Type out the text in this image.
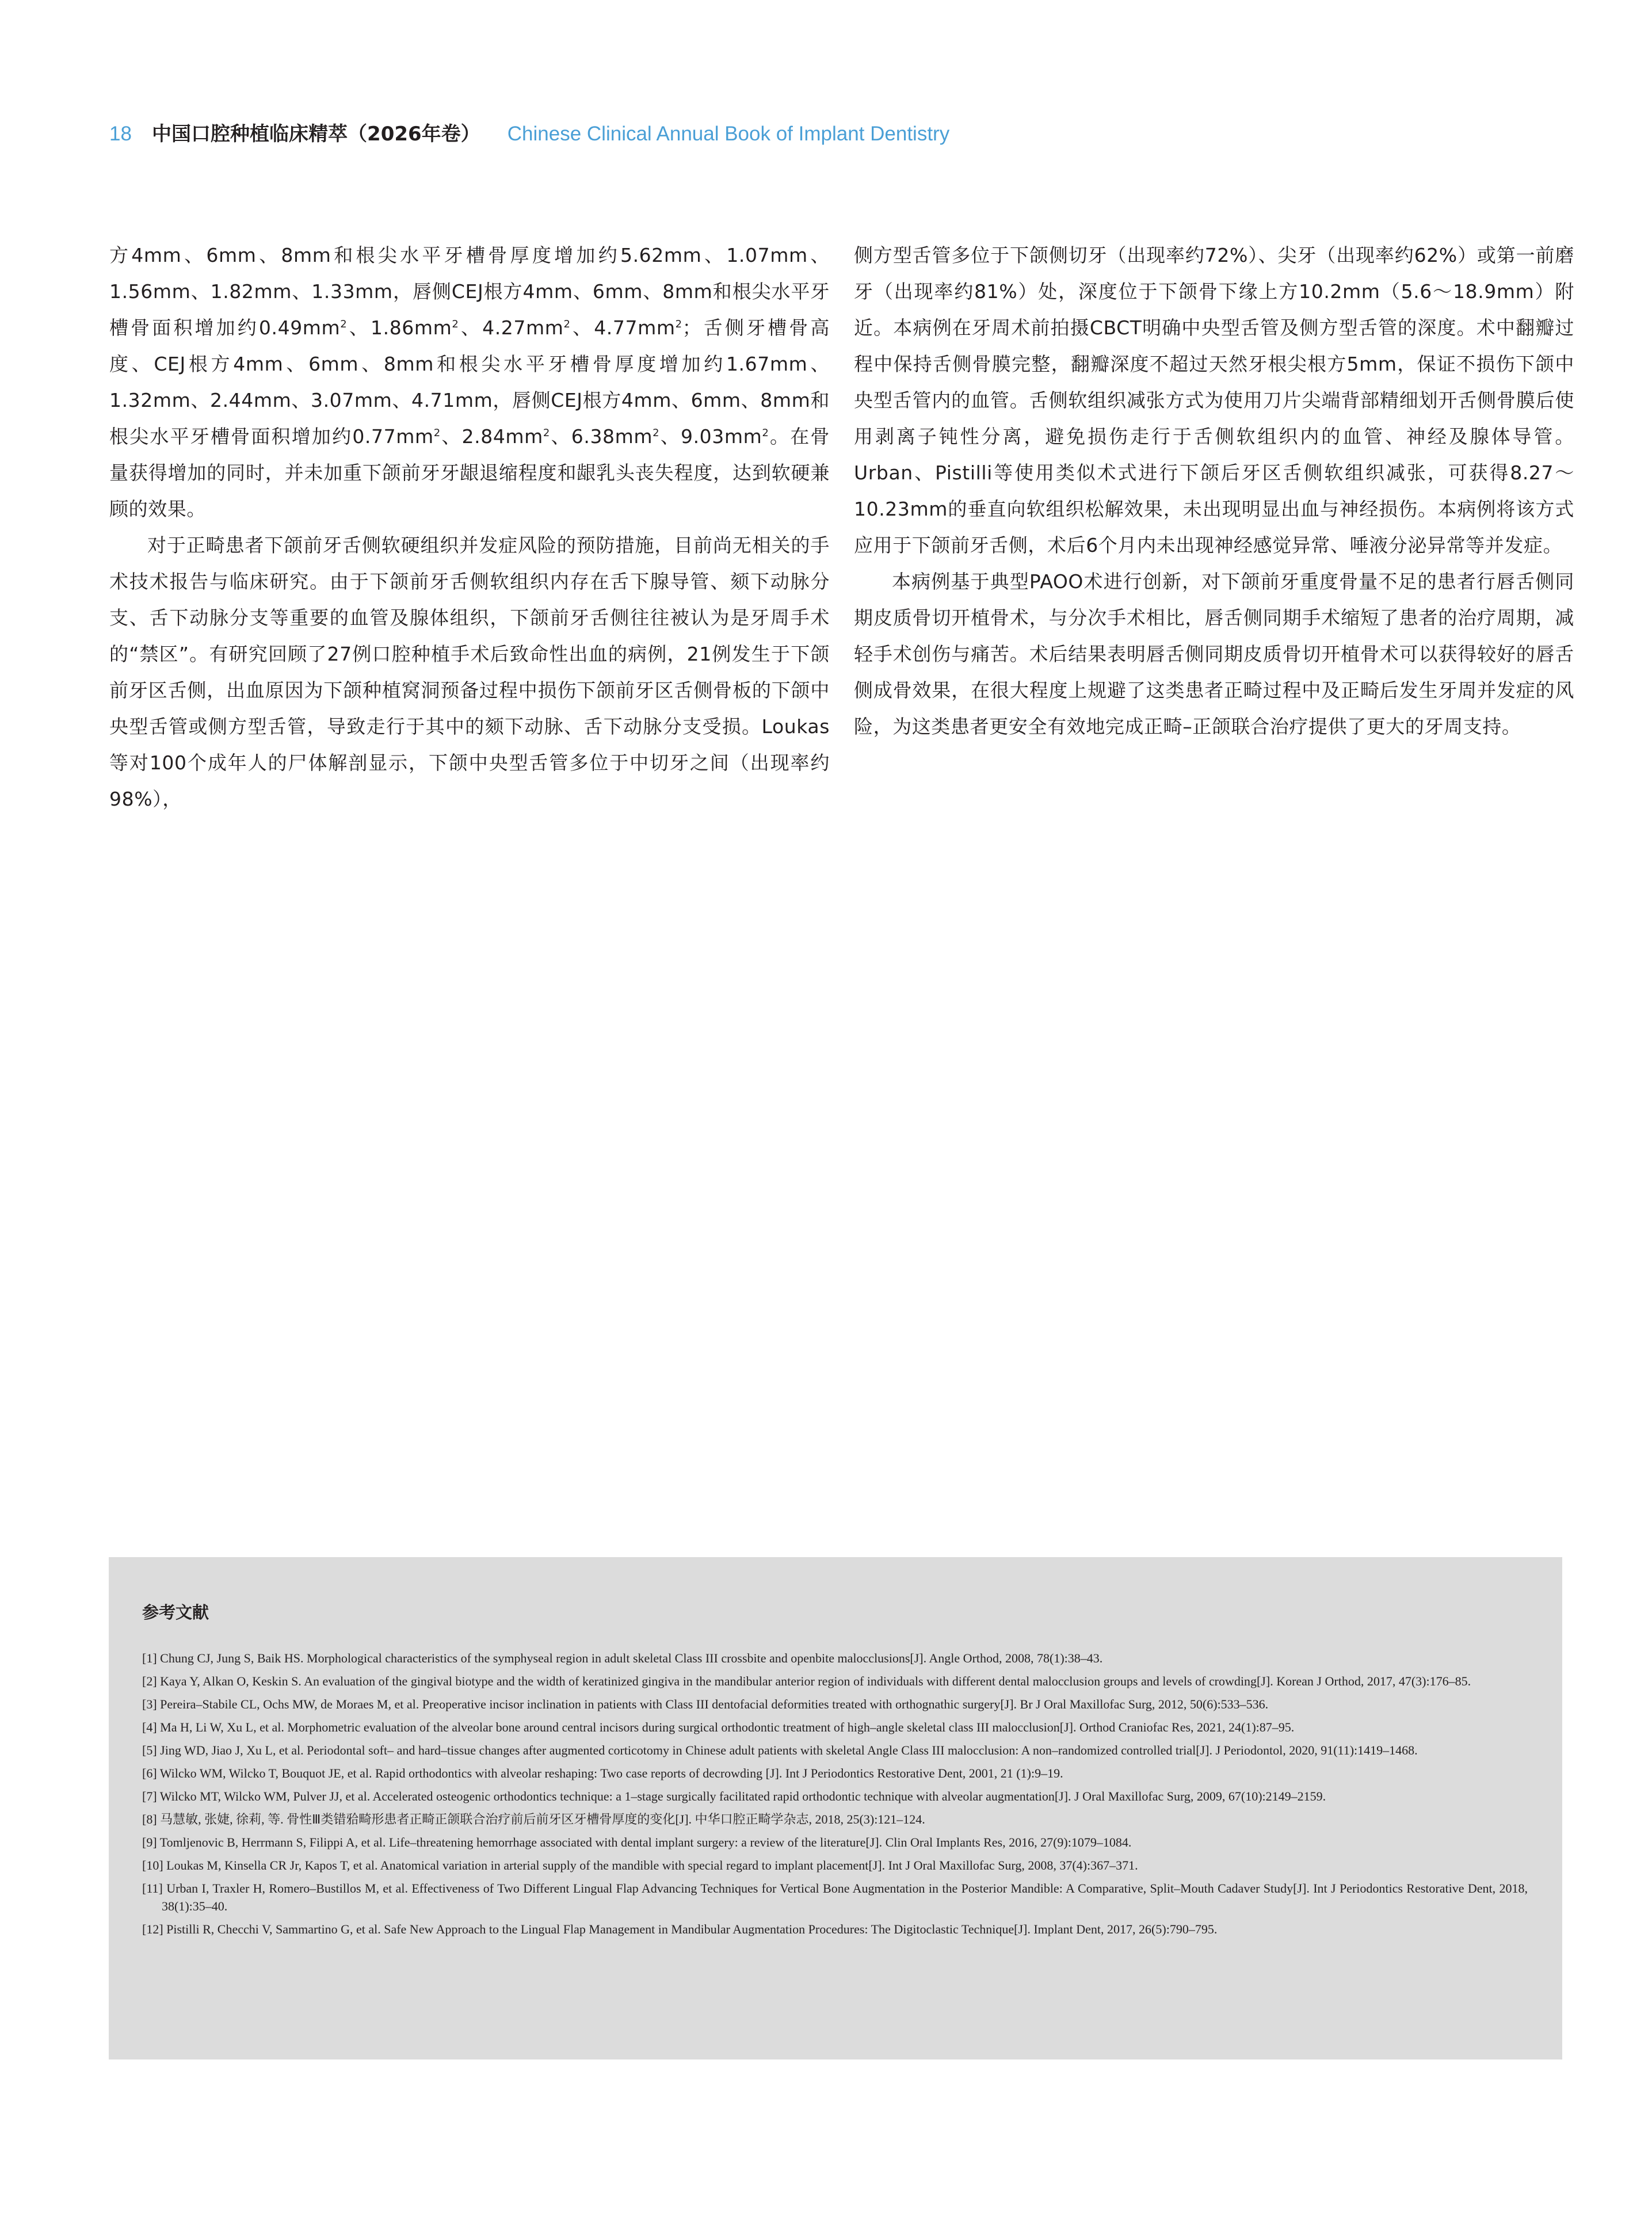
18 中国口腔种植临床精萃（2026年卷） Chinese Clinical Annual Book of Implant Dentistry

方4mm、6mm、8mm和根尖水平牙槽骨厚度增加约5.62mm、1.07mm、1.56mm、1.82mm、1.33mm，唇侧CEJ根方4mm、6mm、8mm和根尖水平牙槽骨面积增加约$0.49mm^2$、$1.86mm^2$、$4.27mm^2$、$4.77mm^2$；舌侧牙槽骨高度、CEJ根方4mm、6mm、8mm和根尖水平牙槽骨厚度增加约1.67mm、1.32mm、2.44mm、3.07mm、4.71mm，唇侧CEJ根方4mm、6mm、8mm和根尖水平牙槽骨面积增加约$0.77mm^2$、$2.84mm^2$、$6.38mm^2$、$9.03mm^2$。在骨量获得增加的同时，并未加重下颌前牙牙龈退缩程度和龈乳头丧失程度，达到软硬兼顾的效果。

对于正畸患者下颌前牙舌侧软硬组织并发症风险的预防措施，目前尚无相关的手术技术报告与临床研究。由于下颌前牙舌侧软组织内存在舌下腺导管、颏下动脉分支、舌下动脉分支等重要的血管及腺体组织，下颌前牙舌侧往往被认为是牙周手术的“禁区”。有研究回顾了27例口腔种植手术后致命性出血的病例，21例发生于下颌前牙区舌侧，出血原因为下颌种植窝洞预备过程中损伤下颌前牙区舌侧骨板的下颌中央型舌管或侧方型舌管，导致走行于其中的颏下动脉、舌下动脉分支受损。Loukas等对100个成年人的尸体解剖显示，下颌中央型舌管多位于中切牙之间（出现率约98%），

侧方型舌管多位于下颌侧切牙（出现率约72%）、尖牙（出现率约62%）或第一前磨牙（出现率约81%）处，深度位于下颌骨下缘上方10.2mm（5.6～18.9mm）附近。本病例在牙周术前拍摄CBCT明确中央型舌管及侧方型舌管的深度。术中翻瓣过程中保持舌侧骨膜完整，翻瓣深度不超过天然牙根尖根方5mm，保证不损伤下颌中央型舌管内的血管。舌侧软组织减张方式为使用刀片尖端背部精细划开舌侧骨膜后使用剥离子钝性分离，避免损伤走行于舌侧软组织内的血管、神经及腺体导管。Urban、Pistilli等使用类似术式进行下颌后牙区舌侧软组织减张，可获得8.27～10.23mm的垂直向软组织松解效果，未出现明显出血与神经损伤。本病例将该方式应用于下颌前牙舌侧，术后6个月内未出现神经感觉异常、唾液分泌异常等并发症。

本病例基于典型PAOO术进行创新，对下颌前牙重度骨量不足的患者行唇舌侧同期皮质骨切开植骨术，与分次手术相比，唇舌侧同期手术缩短了患者的治疗周期，减轻手术创伤与痛苦。术后结果表明唇舌侧同期皮质骨切开植骨术可以获得较好的唇舌侧成骨效果，在很大程度上规避了这类患者正畸过程中及正畸后发生牙周并发症的风险，为这类患者更安全有效地完成正畸–正颌联合治疗提供了更大的牙周支持。

参考文献
[1] Chung CJ, Jung S, Baik HS. Morphological characteristics of the symphyseal region in adult skeletal Class III crossbite and openbite malocclusions[J]. Angle Orthod, 2008, 78(1):38–43.
[2] Kaya Y, Alkan O, Keskin S. An evaluation of the gingival biotype and the width of keratinized gingiva in the mandibular anterior region of individuals with different dental malocclusion groups and levels of crowding[J]. Korean J Orthod, 2017, 47(3):176–85.
[3] Pereira–Stabile CL, Ochs MW, de Moraes M, et al. Preoperative incisor inclination in patients with Class III dentofacial deformities treated with orthognathic surgery[J]. Br J Oral Maxillofac Surg, 2012, 50(6):533–536.
[4] Ma H, Li W, Xu L, et al. Morphometric evaluation of the alveolar bone around central incisors during surgical orthodontic treatment of high–angle skeletal class III malocclusion[J]. Orthod Craniofac Res, 2021, 24(1):87–95.
[5] Jing WD, Jiao J, Xu L, et al. Periodontal soft– and hard–tissue changes after augmented corticotomy in Chinese adult patients with skeletal Angle Class III malocclusion: A non–randomized controlled trial[J]. J Periodontol, 2020, 91(11):1419–1468.
[6] Wilcko WM, Wilcko T, Bouquot JE, et al. Rapid orthodontics with alveolar reshaping: Two case reports of decrowding [J]. Int J Periodontics Restorative Dent, 2001, 21 (1):9–19.
[7] Wilcko MT, Wilcko WM, Pulver JJ, et al. Accelerated osteogenic orthodontics technique: a 1–stage surgically facilitated rapid orthodontic technique with alveolar augmentation[J]. J Oral Maxillofac Surg, 2009, 67(10):2149–2159.
[8] 马慧敏, 张婕, 徐莉, 等. 骨性Ⅲ类错𬌗畸形患者正畸正颌联合治疗前后前牙区牙槽骨厚度的变化[J]. 中华口腔正畸学杂志, 2018, 25(3):121–124.
[9] Tomljenovic B, Herrmann S, Filippi A, et al. Life–threatening hemorrhage associated with dental implant surgery: a review of the literature[J]. Clin Oral Implants Res, 2016, 27(9):1079–1084.
[10] Loukas M, Kinsella CR Jr, Kapos T, et al. Anatomical variation in arterial supply of the mandible with special regard to implant placement[J]. Int J Oral Maxillofac Surg, 2008, 37(4):367–371.
[11] Urban I, Traxler H, Romero–Bustillos M, et al. Effectiveness of Two Different Lingual Flap Advancing Techniques for Vertical Bone Augmentation in the Posterior Mandible: A Comparative, Split–Mouth Cadaver Study[J]. Int J Periodontics Restorative Dent, 2018, 38(1):35–40.
[12] Pistilli R, Checchi V, Sammartino G, et al. Safe New Approach to the Lingual Flap Management in Mandibular Augmentation Procedures: The Digitoclastic Technique[J]. Implant Dent, 2017, 26(5):790–795.
